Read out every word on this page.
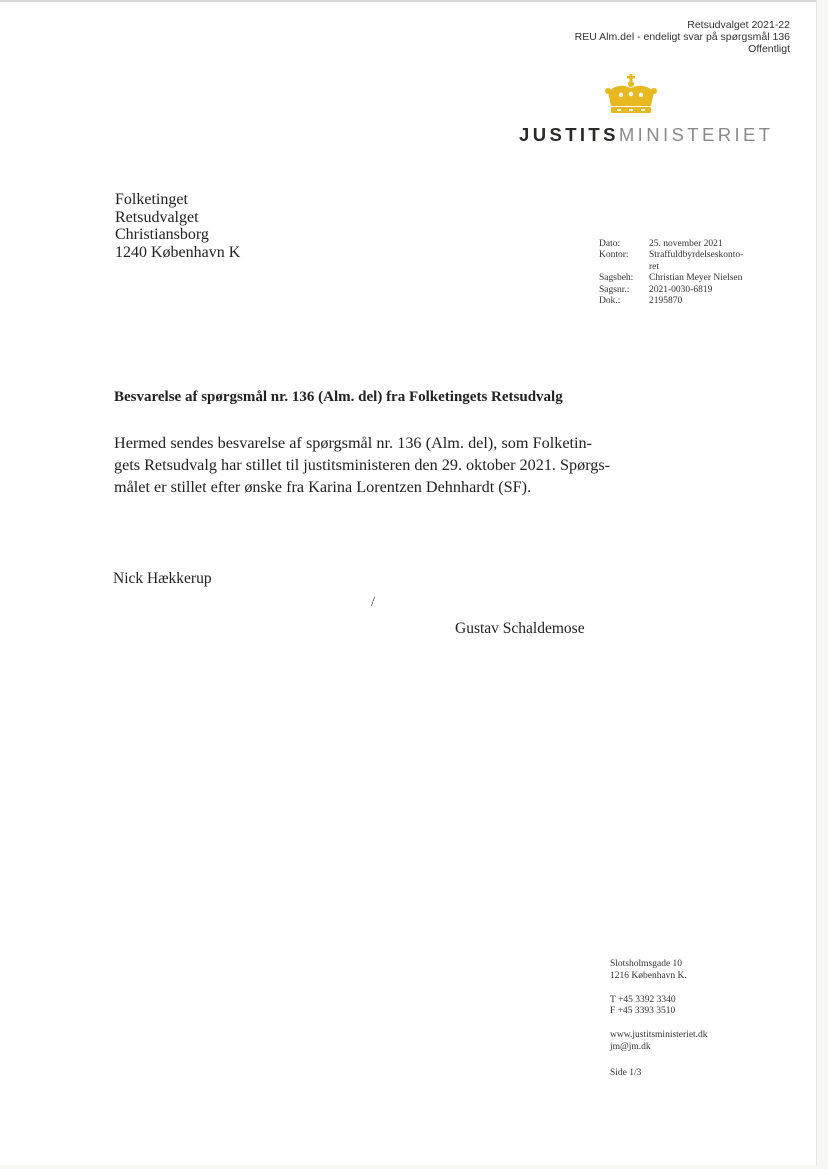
Retsudvalget 2021-22
REU Alm.del - endeligt svar på spørgsmål 136
Offentligt
JUSTITSMINISTERIET
Folketinget
Retsudvalget
Christiansborg
1240 København K	Dato:	25. november 2021
Kontor:	Straffuldbyrdelseskonto-
ret
Sagsbeh:	Christian Meyer Nielsen
Sagsnr.:	2021-0030-6819
Dok.:	2195870
Besvarelse af spørgsmål nr. 136 (Alm. del) fra Folketingets Retsudvalg
Hermed sendes besvarelse af spørgsmål nr. 136 (Alm. del), som Folketin-
gets Retsudvalg har stillet til justitsministeren den 29. oktober 2021. Spørgs-
målet er stillet efter ønske fra Karina Lorentzen Dehnhardt (SF).
Nick Hækkerup
/
Gustav Schaldemose
Slotsholmsgade 10
1216 København K.
T +45 3392 3340
F +45 3393 3510
www.justitsministeriet.dk
jm@jm.dk
Side 1/3
